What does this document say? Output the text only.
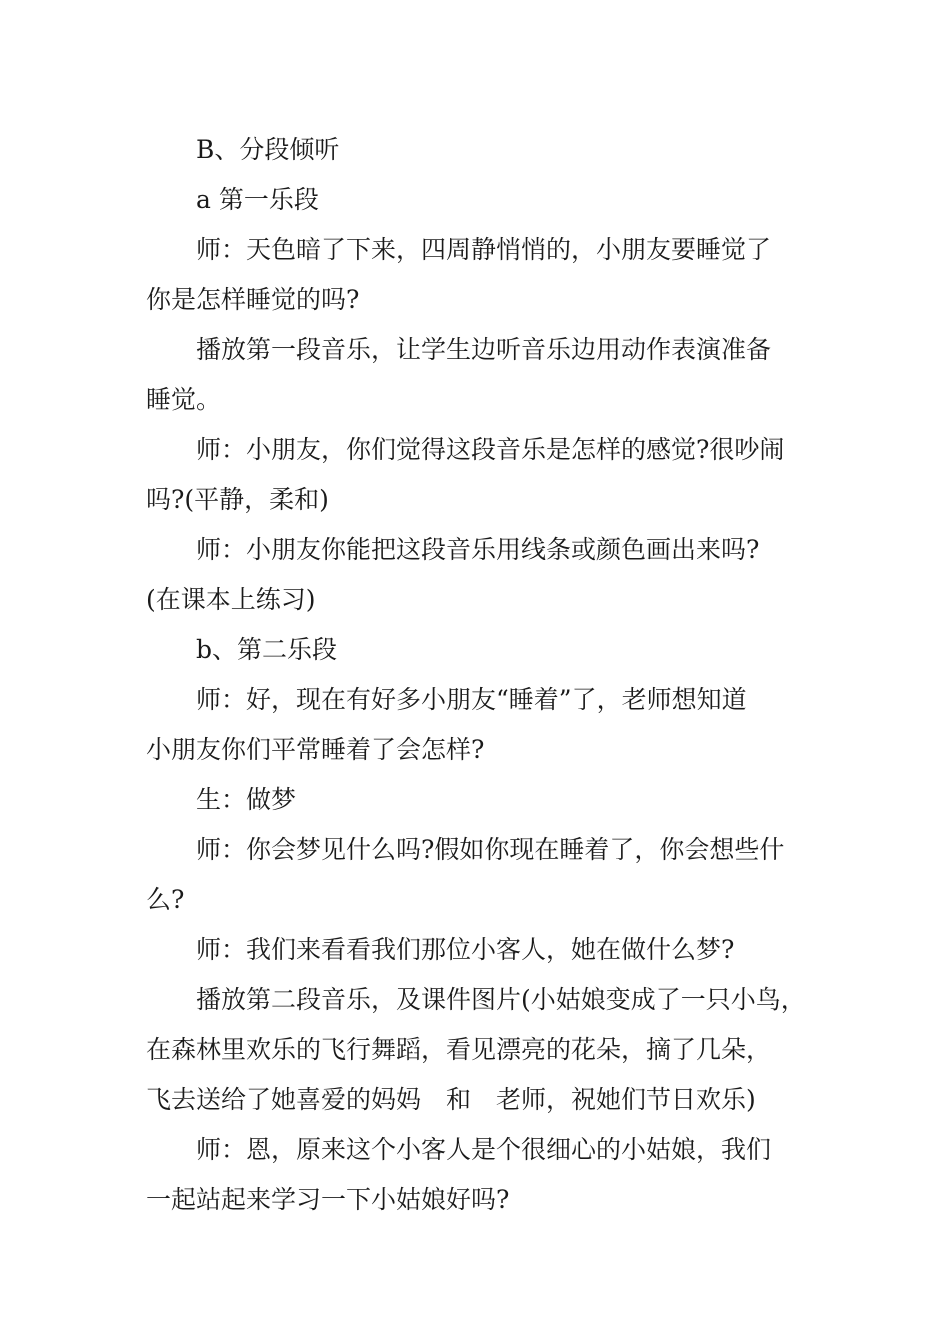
B、分段倾听
a 第一乐段
师：天色暗了下来，四周静悄悄的，小朋友要睡觉了
你是怎样睡觉的吗?
播放第一段音乐，让学生边听音乐边用动作表演准备
睡觉。
师：小朋友，你们觉得这段音乐是怎样的感觉?很吵闹
吗?(平静，柔和)
师：小朋友你能把这段音乐用线条或颜色画出来吗?
(在课本上练习)
b、第二乐段
师：好，现在有好多小朋友“睡着”了，老师想知道
小朋友你们平常睡着了会怎样?
生：做梦
师：你会梦见什么吗?假如你现在睡着了，你会想些什
么?
师：我们来看看我们那位小客人，她在做什么梦?
播放第二段音乐，及课件图片(小姑娘变成了一只小鸟，
在森林里欢乐的飞行舞蹈，看见漂亮的花朵，摘了几朵，
飞去送给了她喜爱的妈妈　和　老师，祝她们节日欢乐)
师：恩，原来这个小客人是个很细心的小姑娘，我们
一起站起来学习一下小姑娘好吗?
